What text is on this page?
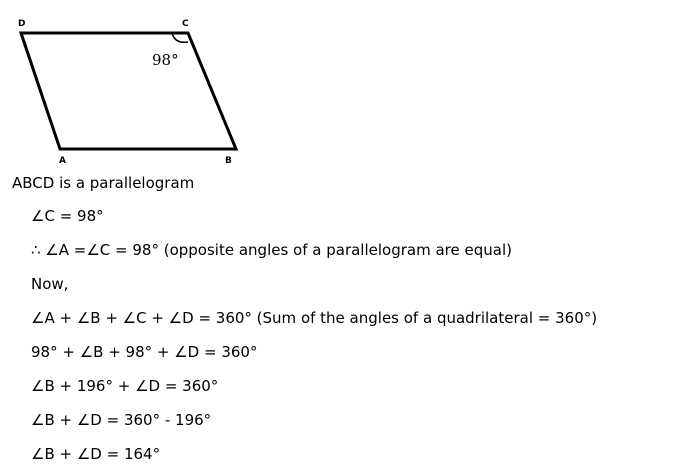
D	C
A	B
98°
ABCD is a parallelogram
∠C = 98°
∴ ∠A =∠C = 98° (opposite angles of a parallelogram are equal)
Now,
∠A + ∠B + ∠C + ∠D = 360° (Sum of the angles of a quadrilateral = 360°)
98° + ∠B + 98° + ∠D = 360°
∠B + 196° + ∠D = 360°
∠B + ∠D = 360° - 196°
∠B + ∠D = 164°
